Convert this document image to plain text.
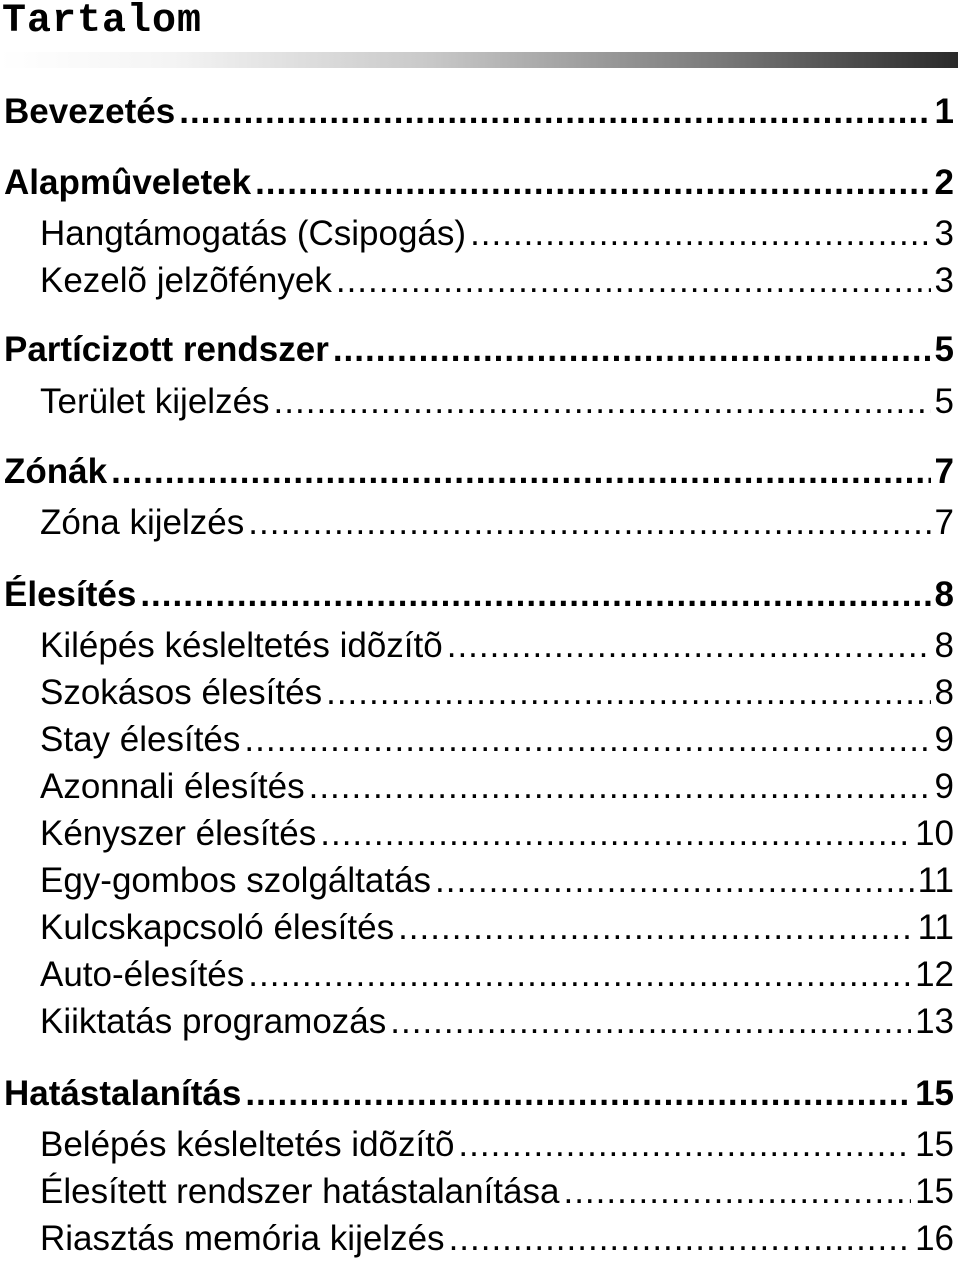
Tartalom
Bevezetés .....	1
Alapmûveletek .....	2
Hangtámogatás (Csipogás) .....	3
Kezelõ jelzõfények .....	3
Partícizott rendszer .....	5
Terület kijelzés .....	5
Zónák .....	7
Zóna kijelzés .....	7
Élesítés .....	8
Kilépés késleltetés idõzítõ .....	8
Szokásos élesítés .....	8
Stay élesítés .....	9
Azonnali élesítés .....	9
Kényszer élesítés .....	10
Egy-gombos szolgáltatás .....	11
Kulcskapcsoló élesítés .....	11
Auto-élesítés .....	12
Kiiktatás programozás .....	13
Hatástalanítás .....	15
Belépés késleltetés idõzítõ .....	15
Élesített rendszer hatástalanítása .....	15
Riasztás memória kijelzés .....	16
